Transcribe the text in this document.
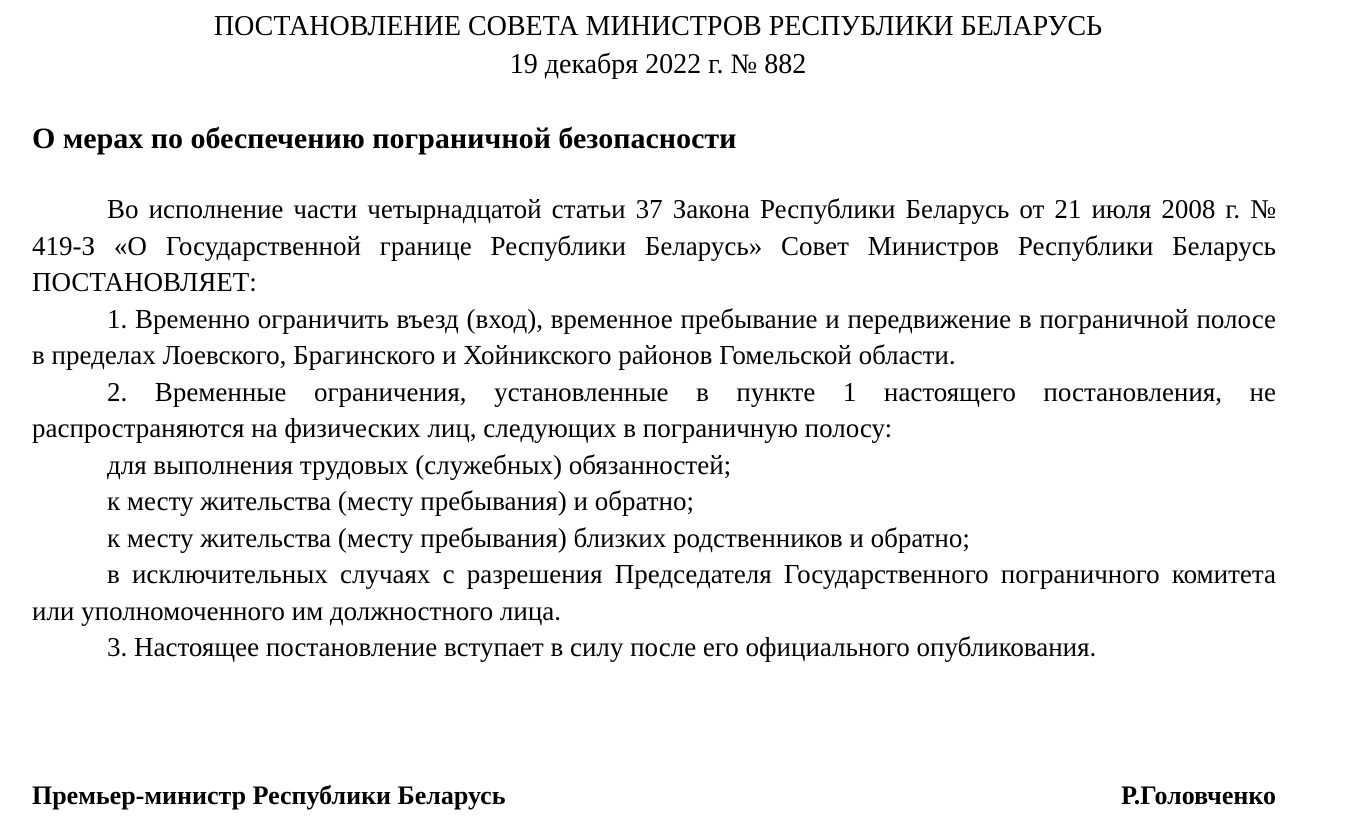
ПОСТАНОВЛЕНИЕ СОВЕТА МИНИСТРОВ РЕСПУБЛИКИ БЕЛАРУСЬ
19 декабря 2022 г. № 882
О мерах по обеспечению пограничной безопасности

Во исполнение части четырнадцатой статьи 37 Закона Республики Беларусь от 21 июля 2008 г. № 419-З «О Государственной границе Республики Беларусь» Совет Министров Республики Беларусь ПОСТАНОВЛЯЕТ:

1. Временно ограничить въезд (вход), временное пребывание и передвижение в пограничной полосе в пределах Лоевского, Брагинского и Хойникского районов Гомельской области.

2. Временные ограничения, установленные в пункте 1 настоящего постановления, не распространяются на физических лиц, следующих в пограничную полосу:

для выполнения трудовых (служебных) обязанностей;

к месту жительства (месту пребывания) и обратно;

к месту жительства (месту пребывания) близких родственников и обратно;

в исключительных случаях с разрешения Председателя Государственного пограничного комитета или уполномоченного им должностного лица.

3. Настоящее постановление вступает в силу после его официального опубликования.

Премьер-министр Республики Беларусь	Р.Головченко
